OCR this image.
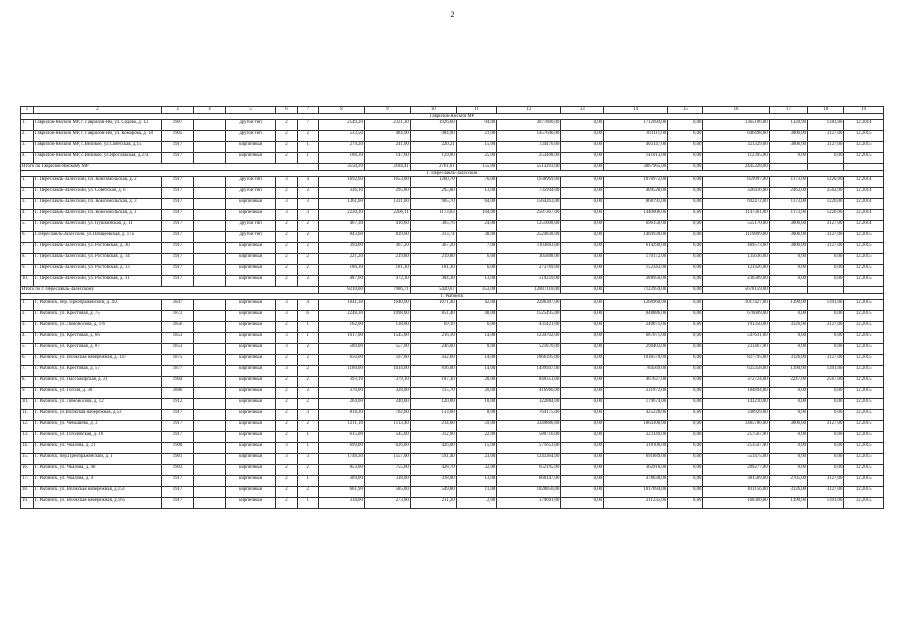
2
1	2	3	4	5	6	7	8	9	10	11	12	13	14	15	16	17	18	19
Гаврилов-Ямский МР																		
1.	Гаврилов-Ямский МР, г. Гаврилов-Ям, ул. Седова, д. 13	1907		другой тип	2	7	2549,20	2331,30	1926,60	94,00	3077800,00	0,00	1712694,00	0,00	1365106,00	1320,90	1383,00	12.2014
2.	Гаврилов-Ямский МР, г. Гаврилов-Ям, ул. Комарова, д. 18	1905		другой тип	2	2	533,50	484,90	484,90	21,00	1457646,00	0,00	811111,00	0,00	646498,00	3006,00	3127,00	12.2015
3.	Гаврилов-Ямский МР, с.Великое, ул.Советская, д.15	1917		кирпичный	2	1	279,20	241,00	220,21	15,00	724476,00	0,00	403147,00	0,00	321329,00	3006,00	3127,00	12.2015
4.	Гаврилов-Ямский МР, с.Великое, ул.Ярославская, д.27а	1917		кирпичный	2	1	188,30	147,60	129,90	25,00	253408,00	0,00	141013,00	0,00	112395,00	0,00	0,00	12.2015
Итого по Гаврилов-Ямскому МР							3550,20	3184,41	2761,61	155,00	5513293,00	0,00	3067965,00	0,00	2445328,00			
Г. Переславль-Залесский																		
1.	Г. Переславль-Залесский, пл. Комсомольская, д. 2	1917		другой тип	3	4	1692,60	1653,00	1260,70	76,00	1938969,00	0,00	1078972,00	0,00	859997,00	1173,00	1220,00	12.2014
2.	Г. Переславль-Залесский, ул. Советская, д. 6	1917		другой тип	2	2	336,10	295,80	295,80	13,00	735944,00	0,00	409528,00	0,00	326416,00	2463,00	2562,00	12.2014
3.	Г. Переславль-Залесский, пл. Комсомольская, д. 3	1917		кирпичный	3	3	1361,00	1331,00	905,70	64,00	1564263,00	0,00	868791,00	0,00	692472,00	1173,00	1220,00	12.2014
4.	Г. Переславль-Залесский, пл. Комсомольская, д. 1	1917		кирпичный	3	3	2220,30	2206,11	1173,83	104,00	2587367,00	0,00	1440006,00	0,00	1147361,00	1173,00	1220,00	12.2014
5.	Г. Переславль-Залесский, ул. Пушкинская, д. 11	1917		другой тип	2	2	467,30	416,60	305,76	24,00	1251008,00	0,00	696158,00	0,00	555170,00	3006,00	3127,00	12.2014
6.	Г.Переславль-Залесский, ул.Плещеевская, д. 17а	1917		другой тип	2	2	843,60	839,60	313,74	38,00	2524838,00	0,00	1404939,00	0,00	1119899,00	3006,00	3127,00	12.2015
7.	Г. Переславль-Залесский, ул. Ростовская, д. 30	1917		кирпичный	2	2	394,00	367,20	367,20	7,00	1103863,00	0,00	614290,00	0,00	489573,00	3006,00	3127,00	12.2015
8.	Г. Переславль-Залесский, ул. Ростовская, д. 14	1917		кирпичный	2	2	221,20	219,80	219,80	6,00	305808,00	0,00	170172,00	0,00	135636,00	0,00	0,00	12.2015
9.	Г. Переславль-Залесский, ул. Ростовская, д. 13	1917		кирпичный	2	2	186,30	181,30	181,30	6,00	273769,00	0,00	152343,00	0,00	121426,00	0,00	0,00	12.2015
10.	Г. Переславль-Залесский, ул. Ростовская, д. 11	1917		кирпичный	2	2	487,60	472,30	384,30	13,00	519259,00	0,00	288950,00	0,00	230309,00	0,00	0,00	12.2015
Итого по г. Переславль-Залесскому							8210,00	7986,71	5420,67	353,00	12807118,00	0,00	7123959,00	0,00	5678159,00			
Г. Рыбинск																		
1.	Г. Рыбинск, пер. Преображенский, д. 4/2	1847		кирпичный	3	4	1841,30	1640,00	1071,40	42,00	2286387,00	0,00	1268960,00	0,00	1017427,00	1390,00	1391,00	12.2015
2.	Г. Рыбинск, ул. Крестовая, д. 75	1872		кирпичный	3	6	2248,30	1998,00	851,40	48,00	1525495,00	0,00	848886,00	0,00	676609,00	0,00	0,00	12.2015
3.	Г. Рыбинск, ул. Ломоносова, д. 1/6	1856		кирпичный	2	1	162,00	138,00	69,10	6,00	431421,00	0,00	240071,00	0,00	191350,00	3126,00	3127,00	12.2015
4.	Г. Рыбинск, ул. Крестовая, д. 66	1853		кирпичный	3	1	1617,00	1545,00	216,10	14,00	1234702,00	0,00	687071,00	0,00	547631,00	0,00	0,00	12.2015
5.	Г. Рыбинск, ул. Крестовая, д. 87	1853		кирпичный	3	2	580,00	557,00	246,00	8,00	521870,00	0,00	290403,00	0,00	231467,00	0,00	0,00	12.2015
6.	Г. Рыбинск, ул. Волжская набережная, д. 147	1875		кирпичный	2	2	650,00	597,00	432,60	14,00	1866395,00	0,00	1038570,00	0,00	827795,00	3126,00	3127,00	12.2015
7.	Г. Рыбинск, ул. Крестовая, д. 57	1877		кирпичный	3	2	1180,00	1014,00	816,00	14,00	1499947,00	0,00	784569,00	0,00	625358,00	1390,00	1391,00	12.2015
8.	Г. Рыбинск, ул. Пассажирская, д. 21	1904		кирпичный	2	2	393,10	379,10	187,30	20,00	840351,00	0,00	467627,00	0,00	372724,00	2247,00	2567,00	12.2015
9.	Г. Рыбинск, ул. Гоголя, д. 30	1886		кирпичный	2	2	370,00	328,00	115,70	20,00	416966,00	0,00	231972,00	0,00	184894,00	0,00	0,00	12.2015
10.	Г. Рыбинск, ул. Ломоносова, д. 12	1912		кирпичный	2	2	264,00	240,00	120,00	10,00	322884,00	0,00	179674,00	0,00	143210,00	0,00	0,00	12.2015
11.	Г. Рыбинск, ул.Волжская набережная, д.53	1917		кирпичный	2	3	818,30	702,00	133,00	8,00	764175,00	0,00	425228,00	0,00	338929,00	0,00	0,00	12.2015
12.	Г. Рыбинск, ул. Чебышева, д. 3	1917		кирпичный	2	2	1211,10	1113,40	214,60	59,00	3349886,00	0,00	1864100,00	0,00	1485786,00	3006,00	3127,00	12.2015
13.	Г. Рыбинск, ул. Гоголевская, д. 16	1917		кирпичный	2	1	615,00	545,00	312,90	22,00	580716,00	0,00	323149,00	0,00	257567,00	0,00	0,00	12.2015
14.	Г. Рыбинск, ул. Чкалова, д. 21	1900		кирпичный	3	1	699,00	626,00	426,00	15,00	571653,00	0,00	318106,00	0,00	253547,00	0,00	0,00	12.2015
15.	Г. Рыбинск, пер.Преображенский, д. 1	1901		кирпичный	3	3	1748,30	1557,00	591,40	23,00	1243364,00	0,00	691889,00	0,00	551475,00	0,00	0,00	12.2015
16.	Г. Рыбинск, ул. Чкалова, д. 40	1903		кирпичный	2	2	853,00	755,00	428,70	32,00	652195,00	0,00	362918,00	0,00	289277,00	0,00	0,00	12.2015
17.	Г. Рыбинск, ул. Чкалова, д. 4	1917		кирпичный	2	1	369,00	318,00	318,00	13,00	860147,00	0,00	478638,00	0,00	381509,00	2705,00	3127,00	12.2015
18.	Г. Рыбинск, ул. Волжская набережная, д.151	1917		кирпичный	2	2	661,90	585,00	549,80	11,00	1828850,00	0,00	1017694,00	0,00	811156,00	3126,00	3127,00	12.2015
19.	Г. Рыбинск, ул. Волжская набережная, д.165	1917		кирпичный	2	1	318,00	273,00	211,20	2,00	379601,00	0,00	211235,00	0,00	168366,00	1390,00	1391,00	12.2015
